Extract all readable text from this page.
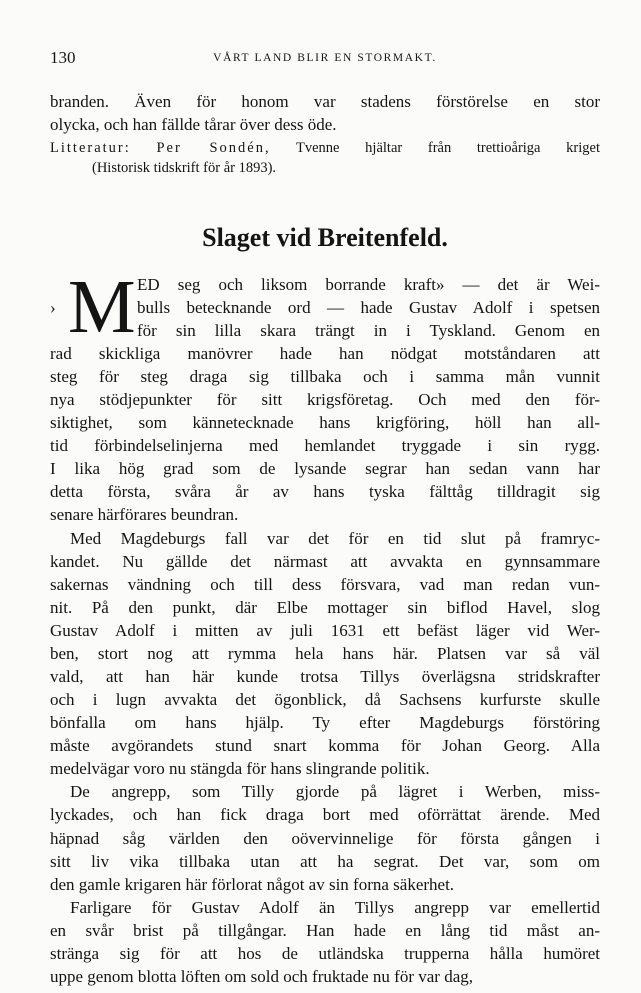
130	VÅRT LAND BLIR EN STORMAKT.
branden. Även för honom var stadens förstörelse en stor
olycka, och han fällde tårar över dess öde.
Litteratur: Per Sondén, Tvenne hjältar från trettioåriga kriget
(Historisk tidskrift för år 1893).
Slaget vid Breitenfeld.
M
›
ED seg och liksom borrande kraft» — det är Wei-
bulls betecknande ord — hade Gustav Adolf i spetsen
för sin lilla skara trängt in i Tyskland. Genom en
rad skickliga manövrer hade han nödgat motståndaren att
steg för steg draga sig tillbaka och i samma mån vunnit
nya stödjepunkter för sitt krigsföretag. Och med den för-
siktighet, som kännetecknade hans krigföring, höll han all-
tid förbindelselinjerna med hemlandet tryggade i sin rygg.
I lika hög grad som de lysande segrar han sedan vann har
detta första, svåra år av hans tyska fälttåg tilldragit sig
senare härförares beundran.
Med Magdeburgs fall var det för en tid slut på framryc-
kandet. Nu gällde det närmast att avvakta en gynnsammare
sakernas vändning och till dess försvara, vad man redan vun-
nit. På den punkt, där Elbe mottager sin biflod Havel, slog
Gustav Adolf i mitten av juli 1631 ett befäst läger vid Wer-
ben, stort nog att rymma hela hans här. Platsen var så väl
vald, att han här kunde trotsa Tillys överlägsna stridskrafter
och i lugn avvakta det ögonblick, då Sachsens kurfurste skulle
bönfalla om hans hjälp. Ty efter Magdeburgs förstöring
måste avgörandets stund snart komma för Johan Georg. Alla
medelvägar voro nu stängda för hans slingrande politik.
De angrepp, som Tilly gjorde på lägret i Werben, miss-
lyckades, och han fick draga bort med oförrättat ärende. Med
häpnad såg världen den oövervinnelige för första gången i
sitt liv vika tillbaka utan att ha segrat. Det var, som om
den gamle krigaren här förlorat något av sin forna säkerhet.
Farligare för Gustav Adolf än Tillys angrepp var emellertid
en svår brist på tillgångar. Han hade en lång tid måst an-
stränga sig för att hos de utländska trupperna hålla humöret
uppe genom blotta löften om sold och fruktade nu för var dag,
